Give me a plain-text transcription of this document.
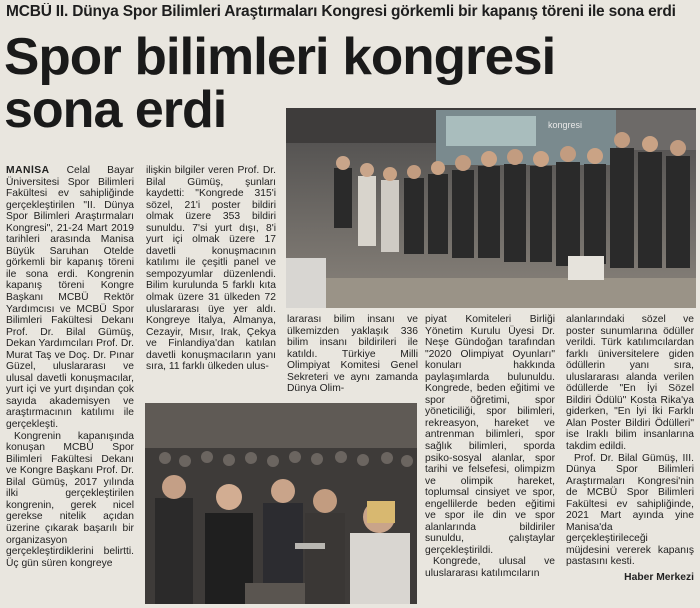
MCBÜ II. Dünya Spor Bilimleri Araştırmaları Kongresi görkemli bir kapanış töreni ile sona erdi
Spor bilimleri kongresi
sona erdi	kongresi

MANİSA Celal Bayar Üniversitesi Spor Bilimleri Fakültesi ev sahipliğinde gerçekleştirilen "II. Dünya Spor Bilimleri Araştırmaları Kongresi", 21-24 Mart 2019 tarihleri arasında Manisa Büyük Saruhan Otelde görkemli bir kapanış töreni ile sona erdi. Kongrenin kapanış töreni Kongre Başkanı MCBÜ Rektör Yardımcısı ve MCBÜ Spor Bilimleri Fakültesi Dekanı Prof. Dr. Bilal Gümüş, Dekan Yardımcıları Prof. Dr. Murat Taş ve Doç. Dr. Pınar Güzel, uluslararası ve ulusal davetli konuşmacılar, yurt içi ve yurt dışından çok sayıda akademisyen ve araştırmacının katılımı ile gerçekleşti.

Kongrenin kapanışında konuşan MCBÜ Spor Bilimleri Fakültesi Dekanı ve Kongre Başkanı Prof. Dr. Bilal Gümüş, 2017 yılında ilki gerçekleştirilen kongrenin, gerek nicel gerekse nitelik açıdan üzerine çıkarak başarılı bir organizasyon gerçekleştirdiklerini belirtti. Üç gün süren kongreye

ilişkin bilgiler veren Prof. Dr. Bilal Gümüş, şunları kaydetti: "Kongrede 315'i sözel, 21'i poster bildiri olmak üzere 353 bildiri sunuldu. 7'si yurt dışı, 8'i yurt içi olmak üzere 17 davetli konuşmacının katılımı ile çeşitli panel ve sempozyumlar düzenlendi. Bilim kurulunda 5 farklı kıta olmak üzere 31 ülkeden 72 uluslararası üye yer aldı. Kongreye İtalya, Almanya, Cezayir, Mısır, Irak, Çekya ve Finlandiya'dan katılan davetli konuşmacıların yanı sıra, 11 farklı ülkeden ulus-

lararası bilim insanı ve ülkemizden yaklaşık 336 bilim insanı bildirileri ile katıldı. Türkiye Milli Olimpiyat Komitesi Genel Sekreteri ve aynı zamanda Dünya Olim-

piyat Komiteleri Birliği Yönetim Kurulu Üyesi Dr. Neşe Gündoğan tarafından "2020 Olimpiyat Oyunları" konuları hakkında paylaşımlarda bulunuldu. Kongrede, beden eğitimi ve spor öğretimi, spor yöneticiliği, spor bilimleri, rekreasyon, hareket ve antrenman bilimleri, spor sağlık bilimleri, sporda psiko-sosyal alanlar, spor tarihi ve felsefesi, olimpizm ve olimpik hareket, toplumsal cinsiyet ve spor, engellilerde beden eğitimi ve spor ile din ve spor alanlarında bildiriler sunuldu, çalıştaylar gerçekleştirildi.

Kongrede, ulusal ve uluslararası katılımcıların

alanlarındaki sözel ve poster sunumlarına ödüller verildi. Türk katılımcılardan farklı üniversitelere giden ödüllerin yanı sıra, uluslararası alanda verilen ödüllerde "En İyi Sözel Bildiri Ödülü" Kosta Rika'ya giderken, "En İyi İki Farklı Alan Poster Bildiri Ödülleri" ise Iraklı bilim insanlarına takdim edildi.

Prof. Dr. Bilal Gümüş, III. Dünya Spor Bilimleri Araştırmaları Kongresi'nin de MCBÜ Spor Bilimleri Fakültesi ev sahipliğinde, 2021 Mart ayında yine Manisa'da gerçekleştirileceği müjdesini vererek kapanış pastasını kesti.

Haber Merkezi
